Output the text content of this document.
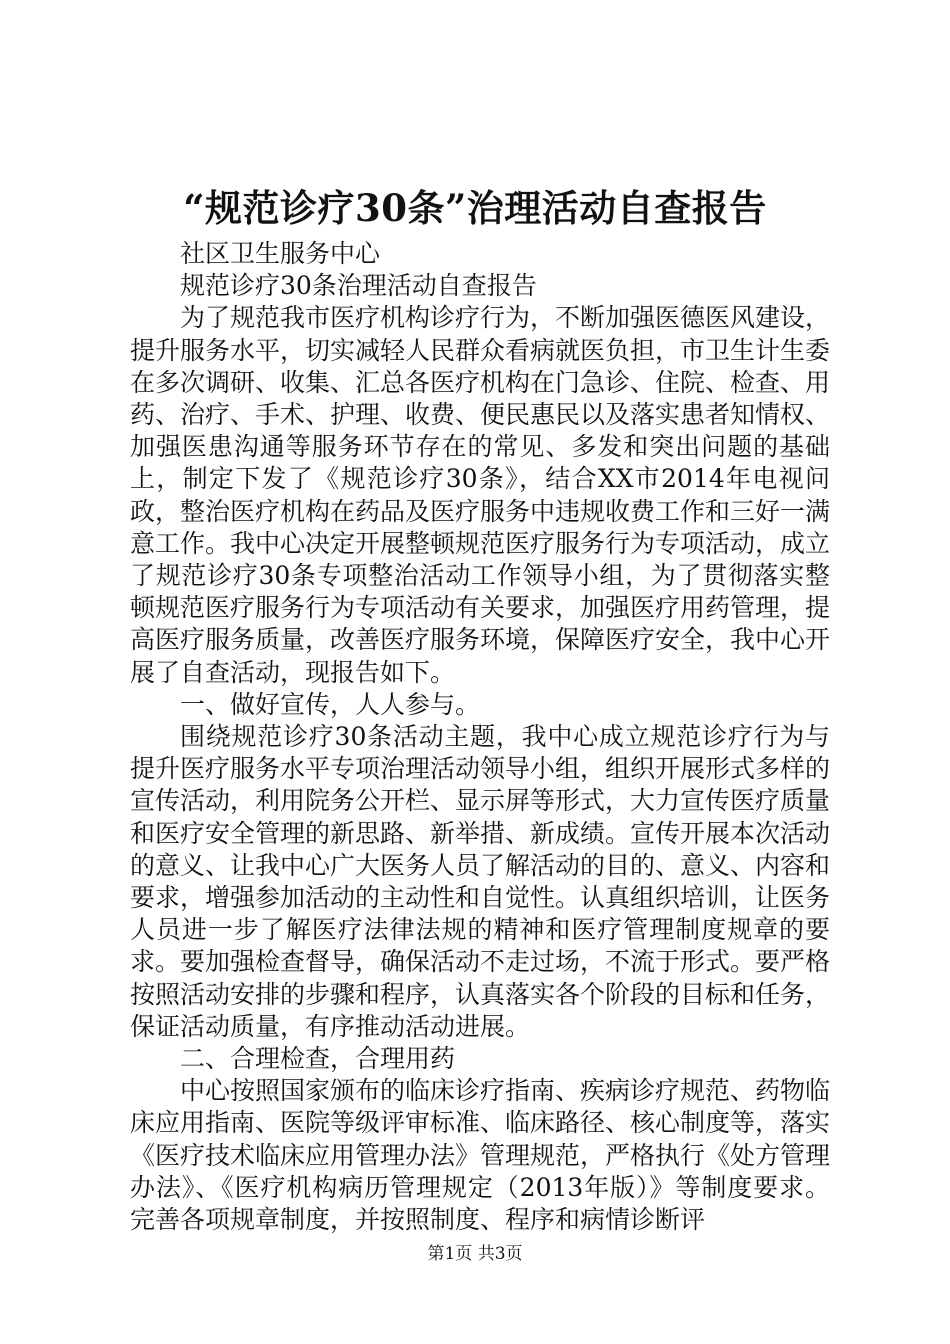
“规范诊疗30条”治理活动自查报告

社区卫生服务中心

规范诊疗30条治理活动自查报告

为了规范我市医疗机构诊疗行为，不断加强医德医风建设，提升服务水平，切实减轻人民群众看病就医负担，市卫生计生委在多次调研、收集、汇总各医疗机构在门急诊、住院、检查、用药、治疗、手术、护理、收费、便民惠民以及落实患者知情权、加强医患沟通等服务环节存在的常见、多发和突出问题的基础上，制定下发了《规范诊疗30条》，结合XX市2014年电视问政，整治医疗机构在药品及医疗服务中违规收费工作和三好一满意工作。我中心决定开展整顿规范医疗服务行为专项活动，成立了规范诊疗30条专项整治活动工作领导小组，为了贯彻落实整顿规范医疗服务行为专项活动有关要求，加强医疗用药管理，提高医疗服务质量，改善医疗服务环境，保障医疗安全，我中心开展了自查活动，现报告如下。

一、做好宣传，人人参与。

围绕规范诊疗30条活动主题，我中心成立规范诊疗行为与提升医疗服务水平专项治理活动领导小组，组织开展形式多样的宣传活动，利用院务公开栏、显示屏等形式，大力宣传医疗质量和医疗安全管理的新思路、新举措、新成绩。宣传开展本次活动的意义、让我中心广大医务人员了解活动的目的、意义、内容和要求，增强参加活动的主动性和自觉性。认真组织培训，让医务人员进一步了解医疗法律法规的精神和医疗管理制度规章的要求。要加强检查督导，确保活动不走过场，不流于形式。要严格按照活动安排的步骤和程序，认真落实各个阶段的目标和任务，保证活动质量，有序推动活动进展。

二、合理检查，合理用药

中心按照国家颁布的临床诊疗指南、疾病诊疗规范、药物临床应用指南、医院等级评审标准、临床路径、核心制度等，落实《医疗技术临床应用管理办法》管理规范，严格执行《处方管理办法》、《医疗机构病历管理规定（2013年版）》等制度要求。完善各项规章制度，并按照制度、程序和病情诊断评

第1页 共3页
